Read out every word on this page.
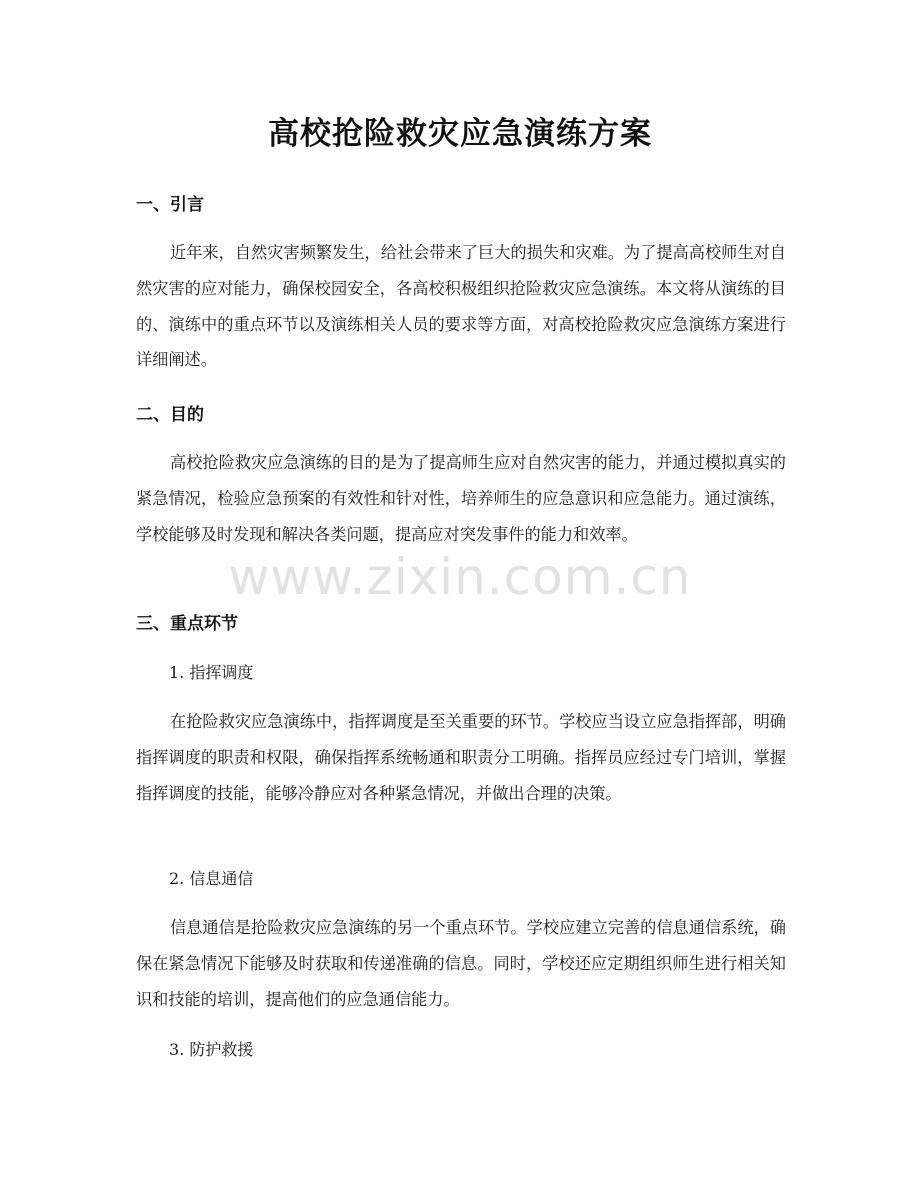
高校抢险救灾应急演练方案
一、引言

近年来，自然灾害频繁发生，给社会带来了巨大的损失和灾难。为了提高高校师生对自然灾害的应对能力，确保校园安全，各高校积极组织抢险救灾应急演练。本文将从演练的目的、演练中的重点环节以及演练相关人员的要求等方面，对高校抢险救灾应急演练方案进行详细阐述。

二、目的

高校抢险救灾应急演练的目的是为了提高师生应对自然灾害的能力，并通过模拟真实的紧急情况，检验应急预案的有效性和针对性，培养师生的应急意识和应急能力。通过演练，学校能够及时发现和解决各类问题，提高应对突发事件的能力和效率。

三、重点环节

1. 指挥调度

在抢险救灾应急演练中，指挥调度是至关重要的环节。学校应当设立应急指挥部，明确指挥调度的职责和权限，确保指挥系统畅通和职责分工明确。指挥员应经过专门培训，掌握指挥调度的技能，能够冷静应对各种紧急情况，并做出合理的决策。

2. 信息通信

信息通信是抢险救灾应急演练的另一个重点环节。学校应建立完善的信息通信系统，确保在紧急情况下能够及时获取和传递准确的信息。同时，学校还应定期组织师生进行相关知识和技能的培训，提高他们的应急通信能力。

3. 防护救援

www.zixin.com.cn
